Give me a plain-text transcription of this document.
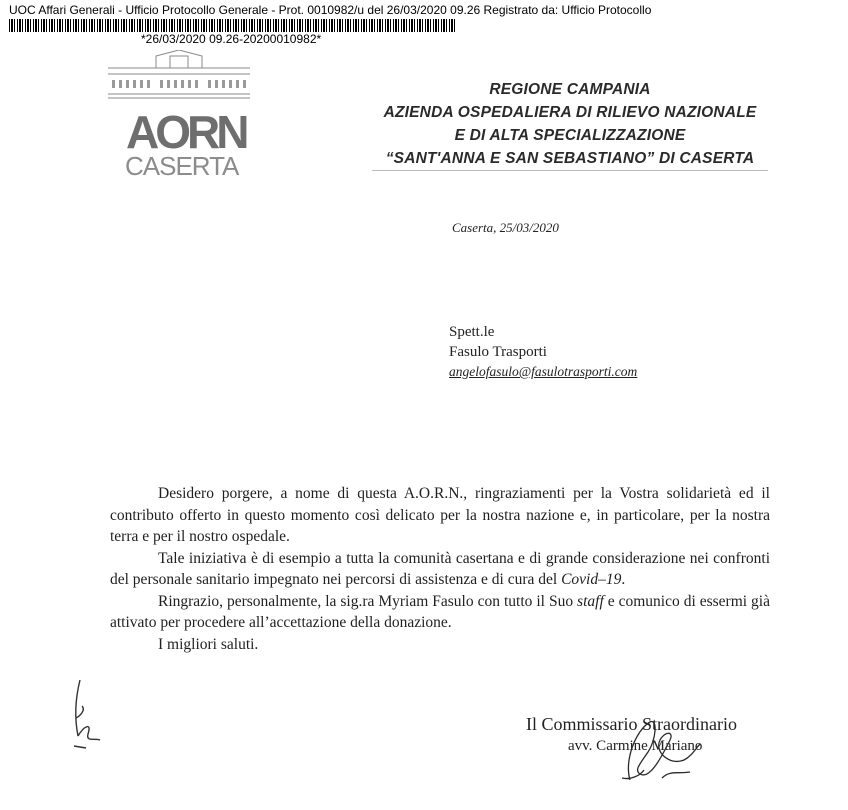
UOC Affari Generali - Ufficio Protocollo Generale - Prot. 0010982/u del 26/03/2020 09.26 Registrato da: Ufficio Protocollo
*26/03/2020 09.26-20200010982*
AORN
CASERTA
REGIONE CAMPANIA
AZIENDA OSPEDALIERA DI RILIEVO NAZIONALE
E DI ALTA SPECIALIZZAZIONE
“SANT'ANNA E SAN SEBASTIANO” DI CASERTA
Caserta, 25/03/2020
Spett.le
Fasulo Trasporti
angelofasulo@fasulotrasporti.com

Desidero porgere, a nome di questa A.O.R.N., ringraziamenti per la Vostra solidarietà ed il contributo offerto in questo momento così delicato per la nostra nazione e, in particolare, per la nostra terra e per il nostro ospedale.

Tale iniziativa è di esempio a tutta la comunità casertana e di grande considerazione nei confronti del personale sanitario impegnato nei percorsi di assistenza e di cura del Covid–19.

Ringrazio, personalmente, la sig.ra Myriam Fasulo con tutto il Suo staff e comunico di essermi già attivato per procedere all’accettazione della donazione.

I migliori saluti.

Il Commissario Straordinario
avv. Carmine Mariano
